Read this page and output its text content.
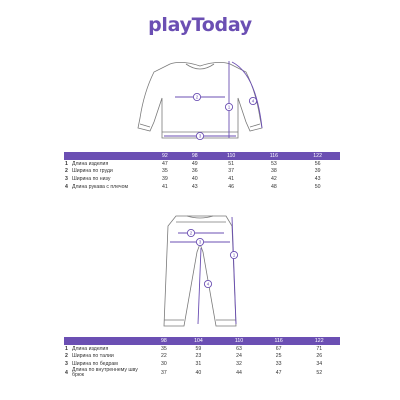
playToday
1
2
3
4
		92	98	110	116	122
1	Длина изделия	47	49	51	53	56
2	Ширина по груди	35	36	37	38	39
3	Ширина по низу	39	40	41	42	43
4	Длина рукава с плечом	41	43	46	48	50
1
2
3
4
		98	104	110	116	122
1	Длина изделия	35	59	63	67	71
2	Ширина по талии	22	23	24	25	26
3	Ширина по бедрам	30	31	32	33	34
4	Длина по внутреннему шву брюк	37	40	44	47	52
